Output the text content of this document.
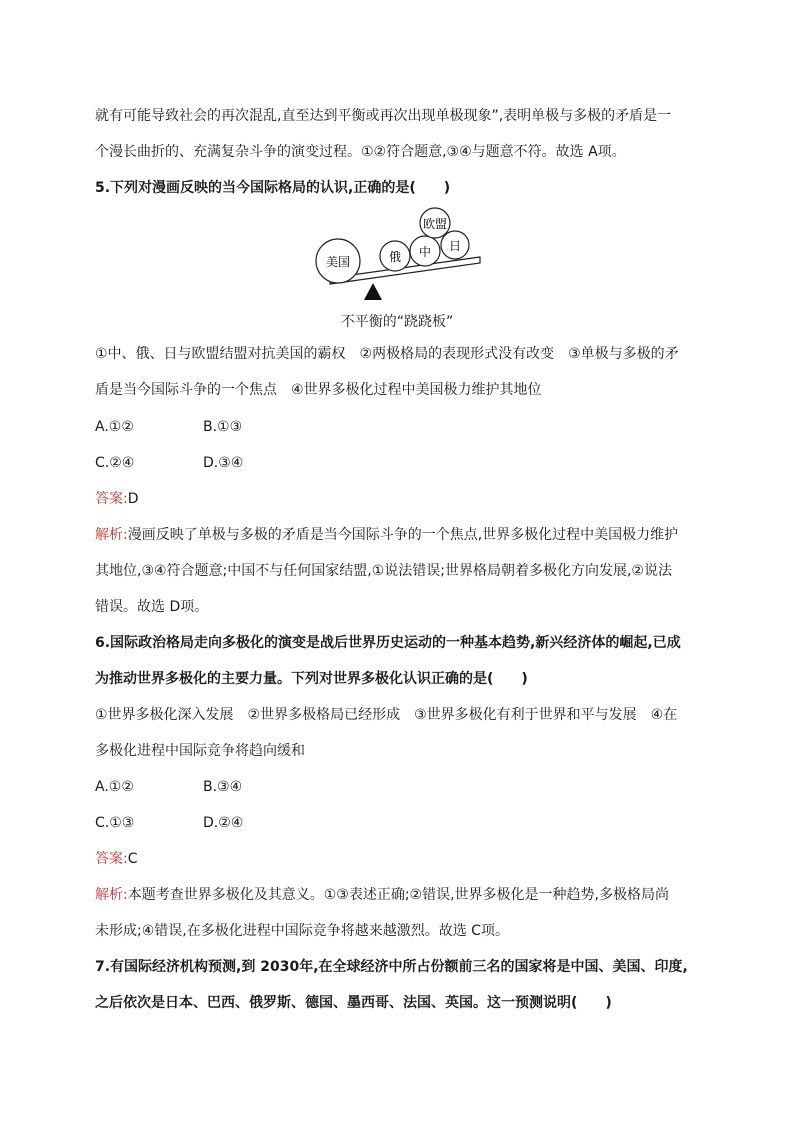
就有可能导致社会的再次混乱,直至达到平衡或再次出现单极现象”,表明单极与多极的矛盾是一
个漫长曲折的、充满复杂斗争的演变过程。①②符合题意,③④与题意不符。故选 A项。
5.下列对漫画反映的当今国际格局的认识,正确的是(　　)
美国	俄 中 日
欧盟
不平衡的“跷跷板”
①中、俄、日与欧盟结盟对抗美国的霸权　②两极格局的表现形式没有改变　③单极与多极的矛
盾是当今国际斗争的一个焦点　④世界多极化过程中美国极力维护其地位
A.①②	B.①③
C.②④	D.③④
答案:D
解析:漫画反映了单极与多极的矛盾是当今国际斗争的一个焦点,世界多极化过程中美国极力维护
其地位,③④符合题意;中国不与任何国家结盟,①说法错误;世界格局朝着多极化方向发展,②说法
错误。故选 D项。
6.国际政治格局走向多极化的演变是战后世界历史运动的一种基本趋势,新兴经济体的崛起,已成
为推动世界多极化的主要力量。下列对世界多极化认识正确的是(　　)
①世界多极化深入发展　②世界多极格局已经形成　③世界多极化有利于世界和平与发展　④在
多极化进程中国际竞争将趋向缓和
A.①②	B.③④
C.①③	D.②④
答案:C
解析:本题考查世界多极化及其意义。①③表述正确;②错误,世界多极化是一种趋势,多极格局尚
未形成;④错误,在多极化进程中国际竞争将越来越激烈。故选 C项。
7.有国际经济机构预测,到 2030年,在全球经济中所占份额前三名的国家将是中国、美国、印度,
之后依次是日本、巴西、俄罗斯、德国、墨西哥、法国、英国。这一预测说明(　　)
